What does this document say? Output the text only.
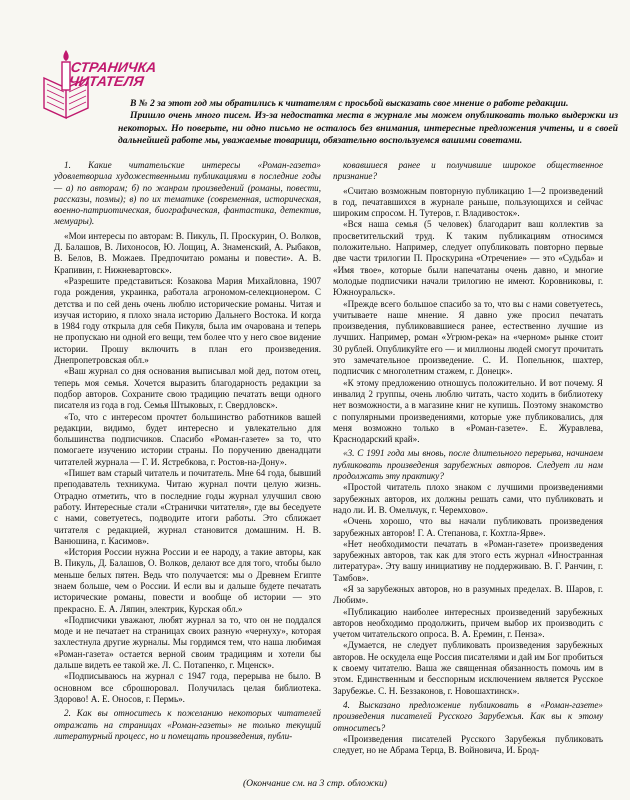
СТРАНИЧКА
ЧИТАТЕЛЯ

В № 2 за этот год мы обратились к читателям с просьбой высказать свое мнение о работе редакции.

Пришло очень много писем. Из-за недостатка места в журнале мы можем опубликовать только выдержки из некоторых. Но поверьте, ни одно письмо не осталось без внимания, интересные предложения учтены, и в своей дальнейшей работе мы, уважаемые товарищи, обязательно воспользуемся вашими советами.

1. Какие читательские интересы «Роман-газета» удовлетворила художественными публикациями в последние годы — а) по авторам; б) по жанрам произведений (романы, повести, рассказы, поэмы); в) по их тематике (современная, историческая, военно-патриотическая, биографическая, фантастика, детектив, мемуары).

«Мои интересы по авторам: В. Пикуль, П. Проскурин, О. Волков, Д. Балашов, В. Лихоносов, Ю. Лощиц, А. Знаменский, А. Рыбаков, В. Белов, В. Можаев. Предпочитаю романы и повести». А. В. Крапивин, г. Нижневартовск».

«Разрешите представиться: Козакова Мария Михайловна, 1907 года рождения, украинка, работала агрономом-селекционером. С детства и по сей день очень люблю исторические романы. Читая и изучая историю, я плохо знала историю Дальнего Востока. И когда в 1984 году открыла для себя Пикуля, была им очарована и теперь не пропускаю ни одной его вещи, тем более что у него свое видение истории. Прошу включить в план его произведения. Днепропетровская обл.»

«Ваш журнал со дня основания выписывал мой дед, потом отец, теперь моя семья. Хочется выразить благодарность редакции за подбор авторов. Сохраните свою традицию печатать вещи одного писателя из года в год. Семья Штыковых, г. Свердловск».

«То, что с интересом прочтет большинство работников вашей редакции, видимо, будет интересно и увлекательно для большинства подписчиков. Спасибо «Роман-газете» за то, что помогаете изучению истории страны. По поручению двенадцати читателей журнала — Г. И. Ястребкова, г. Ростов-на-Дону».

«Пишет вам старый читатель и почитатель. Мне 64 года, бывший преподаватель техникума. Читаю журнал почти целую жизнь. Отрадно отметить, что в последние годы журнал улучшил свою работу. Интересные стали «Странички читателя», где вы беседуете с нами, советуетесь, подводите итоги работы. Это сближает читателя с редакцией, журнал становится домашним. Н. В. Ванюшина, г. Касимов».

«История России нужна России и ее народу, а такие авторы, как В. Пикуль, Д. Балашов, О. Волков, делают все для того, чтобы было меньше белых пятен. Ведь что получается: мы о Древнем Египте знаем больше, чем о России. И если вы и дальше будете печатать исторические романы, повести и вообще об истории — это прекрасно. Е. А. Ляпин, электрик, Курская обл.»

«Подписчики уважают, любят журнал за то, что он не поддался моде и не печатает на страницах своих разную «чернуху», которая захлестнула другие журналы. Мы гордимся тем, что наша любимая «Роман-газета» остается верной своим традициям и хотели бы дальше видеть ее такой же. Л. С. Потапенко, г. Мценск».

«Подписываюсь на журнал с 1947 года, перерыва не было. В основном все сброшюровал. Получилась целая библиотека. Здорово! А. Е. Оносов, г. Пермь».

2. Как вы относитесь к пожеланию некоторых читателей отражать на страницах «Роман-газеты» не только текущий литературный процесс, но и помещать произведения, публи-

ковавшиеся ранее и получившие широкое общественное признание?

«Считаю возможным повторную публикацию 1—2 произведений в год, печатавшихся в журнале раньше, пользующихся и сейчас широким спросом. Н. Тутеров, г. Владивосток».

«Вся наша семья (5 человек) благодарит ваш коллектив за просветительский труд. К таким публикациям относимся положительно. Например, следует опубликовать повторно первые две части трилогии П. Проскурина «Отречение» — это «Судьба» и «Имя твое», которые были напечатаны очень давно, и многие молодые подписчики начали трилогию не имеют. Коровниковы, г. Южноуральск».

«Прежде всего большое спасибо за то, что вы с нами советуетесь, учитываете наше мнение. Я давно уже просил печатать произведения, публиковавшиеся ранее, естественно лучшие из лучших. Например, роман «Угрюм-река» на «черном» рынке стоит 30 рублей. Опубликуйте его — и миллионы людей смогут прочитать это замечательное произведение. С. И. Попельнюк, шахтер, подписчик с многолетним стажем, г. Донецк».

«К этому предложению отношусь положительно. И вот почему. Я инвалид 2 группы, очень люблю читать, часто ходить в библиотеку нет возможности, а в магазине книг не купишь. Поэтому знакомство с популярными произведениями, которые уже публиковались, для меня возможно только в «Роман-газете». Е. Журавлева, Краснодарский край».

«3. С 1991 года мы вновь, после длительного перерыва, начинаем публиковать произведения зарубежных авторов. Следует ли нам продолжать эту практику?

«Простой читатель плохо знаком с лучшими произведениями зарубежных авторов, их должны решать сами, что публиковать и надо ли. И. В. Омельчук, г. Черемхово».

«Очень хорошо, что вы начали публиковать произведения зарубежных авторов! Г. А. Степанова, г. Кохтла-Ярве».

«Нет необходимости печатать в «Роман-газете» произведения зарубежных авторов, так как для этого есть журнал «Иностранная литература». Эту вашу инициативу не поддерживаю. В. Г. Ранчин, г. Тамбов».

«Я за зарубежных авторов, но в разумных пределах. В. Шаров, г. Любим».

«Публикацию наиболее интересных произведений зарубежных авторов необходимо продолжить, причем выбор их производить с учетом читательского опроса. В. А. Еремин, г. Пенза».

«Думается, не следует публиковать произведения зарубежных авторов. Не оскудела еще Россия писателями и дай им Бог пробиться к своему читателю. Ваша же священная обязанность помочь им в этом. Единственным и бесспорным исключением является Русское Зарубежье. С. Н. Беззаконов, г. Новошахтинск».

4. Высказано предложение публиковать в «Роман-газете» произведения писателей Русского Зарубежья. Как вы к этому относитесь?

«Произведения писателей Русского Зарубежья публиковать следует, но не Абрама Терца, В. Войновича, И. Брод-

(Окончание см. на 3 стр. обложки)
